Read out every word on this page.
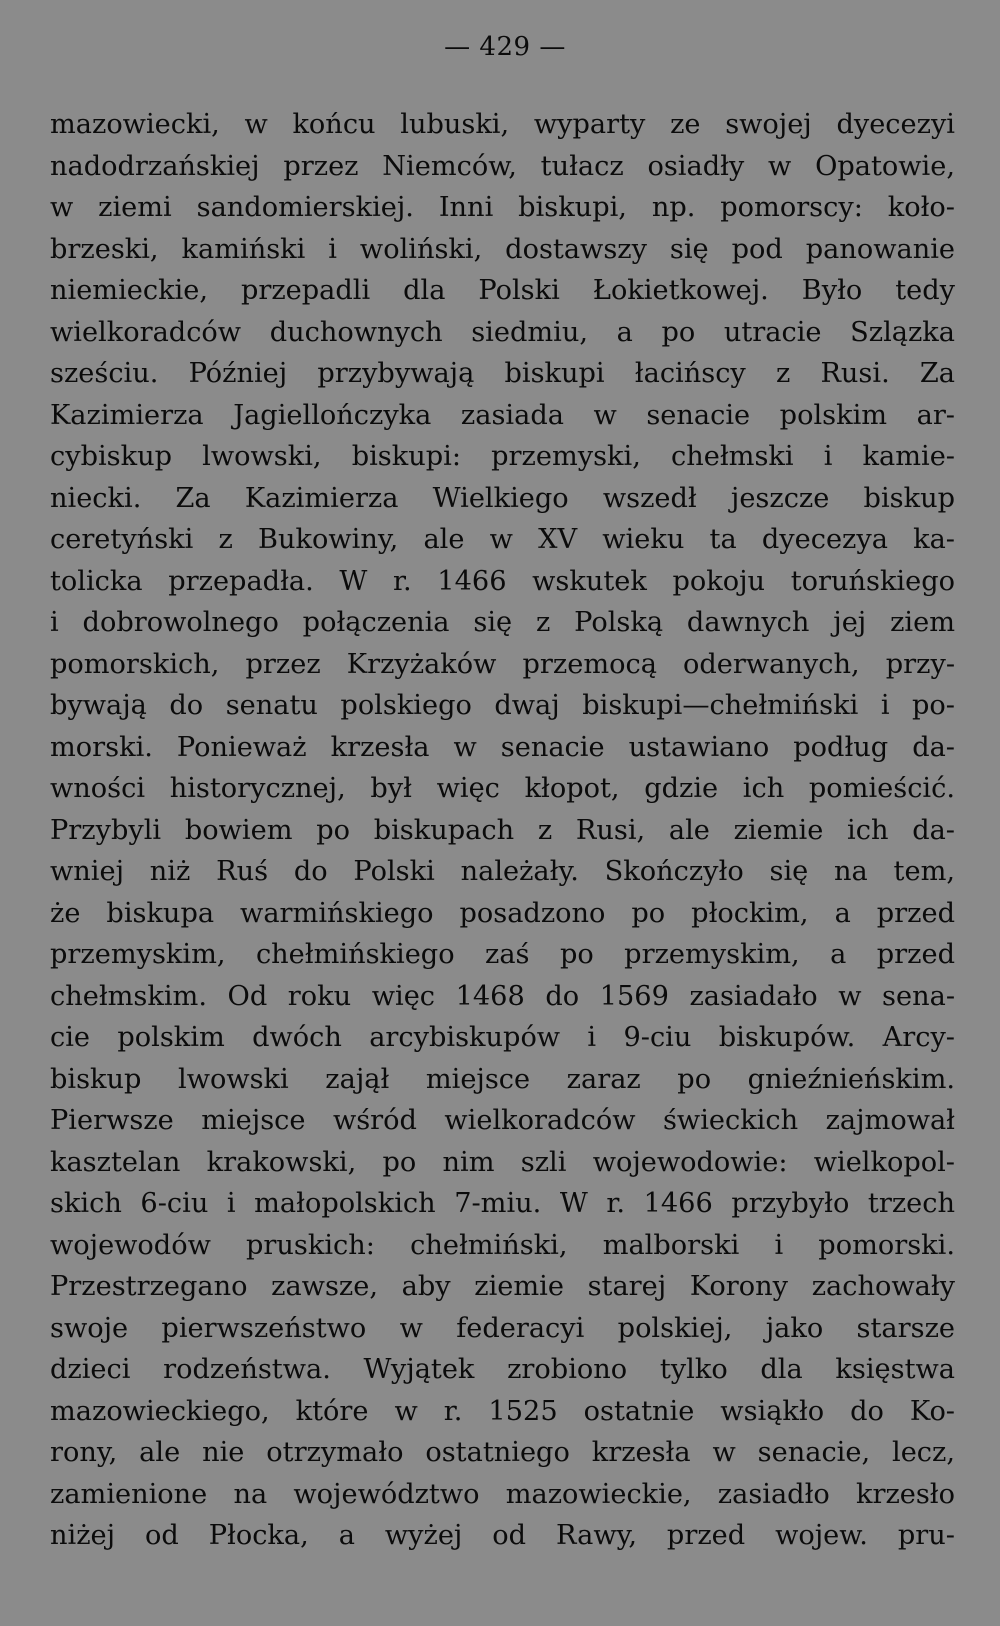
— 429 —
mazowiecki, w końcu lubuski, wyparty ze swojej dyecezyi
nadodrzańskiej przez Niemców, tułacz osiadły w Opatowie,
w ziemi sandomierskiej. Inni biskupi, np. pomorscy: koło-
brzeski, kamiński i woliński, dostawszy się pod panowanie
niemieckie, przepadli dla Polski Łokietkowej. Było tedy
wielkoradców duchownych siedmiu, a po utracie Szlązka
sześciu. Później przybywają biskupi łacińscy z Rusi. Za
Kazimierza Jagiellończyka zasiada w senacie polskim ar-
cybiskup lwowski, biskupi: przemyski, chełmski i kamie-
niecki. Za Kazimierza Wielkiego wszedł jeszcze biskup
ceretyński z Bukowiny, ale w XV wieku ta dyecezya ka-
tolicka przepadła. W r. 1466 wskutek pokoju toruńskiego
i dobrowolnego połączenia się z Polską dawnych jej ziem
pomorskich, przez Krzyżaków przemocą oderwanych, przy-
bywają do senatu polskiego dwaj biskupi—chełmiński i po-
morski. Ponieważ krzesła w senacie ustawiano podług da-
wności historycznej, był więc kłopot, gdzie ich pomieścić.
Przybyli bowiem po biskupach z Rusi, ale ziemie ich da-
wniej niż Ruś do Polski należały. Skończyło się na tem,
że biskupa warmińskiego posadzono po płockim, a przed
przemyskim, chełmińskiego zaś po przemyskim, a przed
chełmskim. Od roku więc 1468 do 1569 zasiadało w sena-
cie polskim dwóch arcybiskupów i 9-ciu biskupów. Arcy-
biskup lwowski zajął miejsce zaraz po gnieźnieńskim.
Pierwsze miejsce wśród wielkoradców świeckich zajmował
kasztelan krakowski, po nim szli wojewodowie: wielkopol-
skich 6-ciu i małopolskich 7-miu. W r. 1466 przybyło trzech
wojewodów pruskich: chełmiński, malborski i pomorski.
Przestrzegano zawsze, aby ziemie starej Korony zachowały
swoje pierwszeństwo w federacyi polskiej, jako starsze
dzieci rodzeństwa. Wyjątek zrobiono tylko dla księstwa
mazowieckiego, które w r. 1525 ostatnie wsiąkło do Ko-
rony, ale nie otrzymało ostatniego krzesła w senacie, lecz,
zamienione na województwo mazowieckie, zasiadło krzesło
niżej od Płocka, a wyżej od Rawy, przed wojew. pru-
